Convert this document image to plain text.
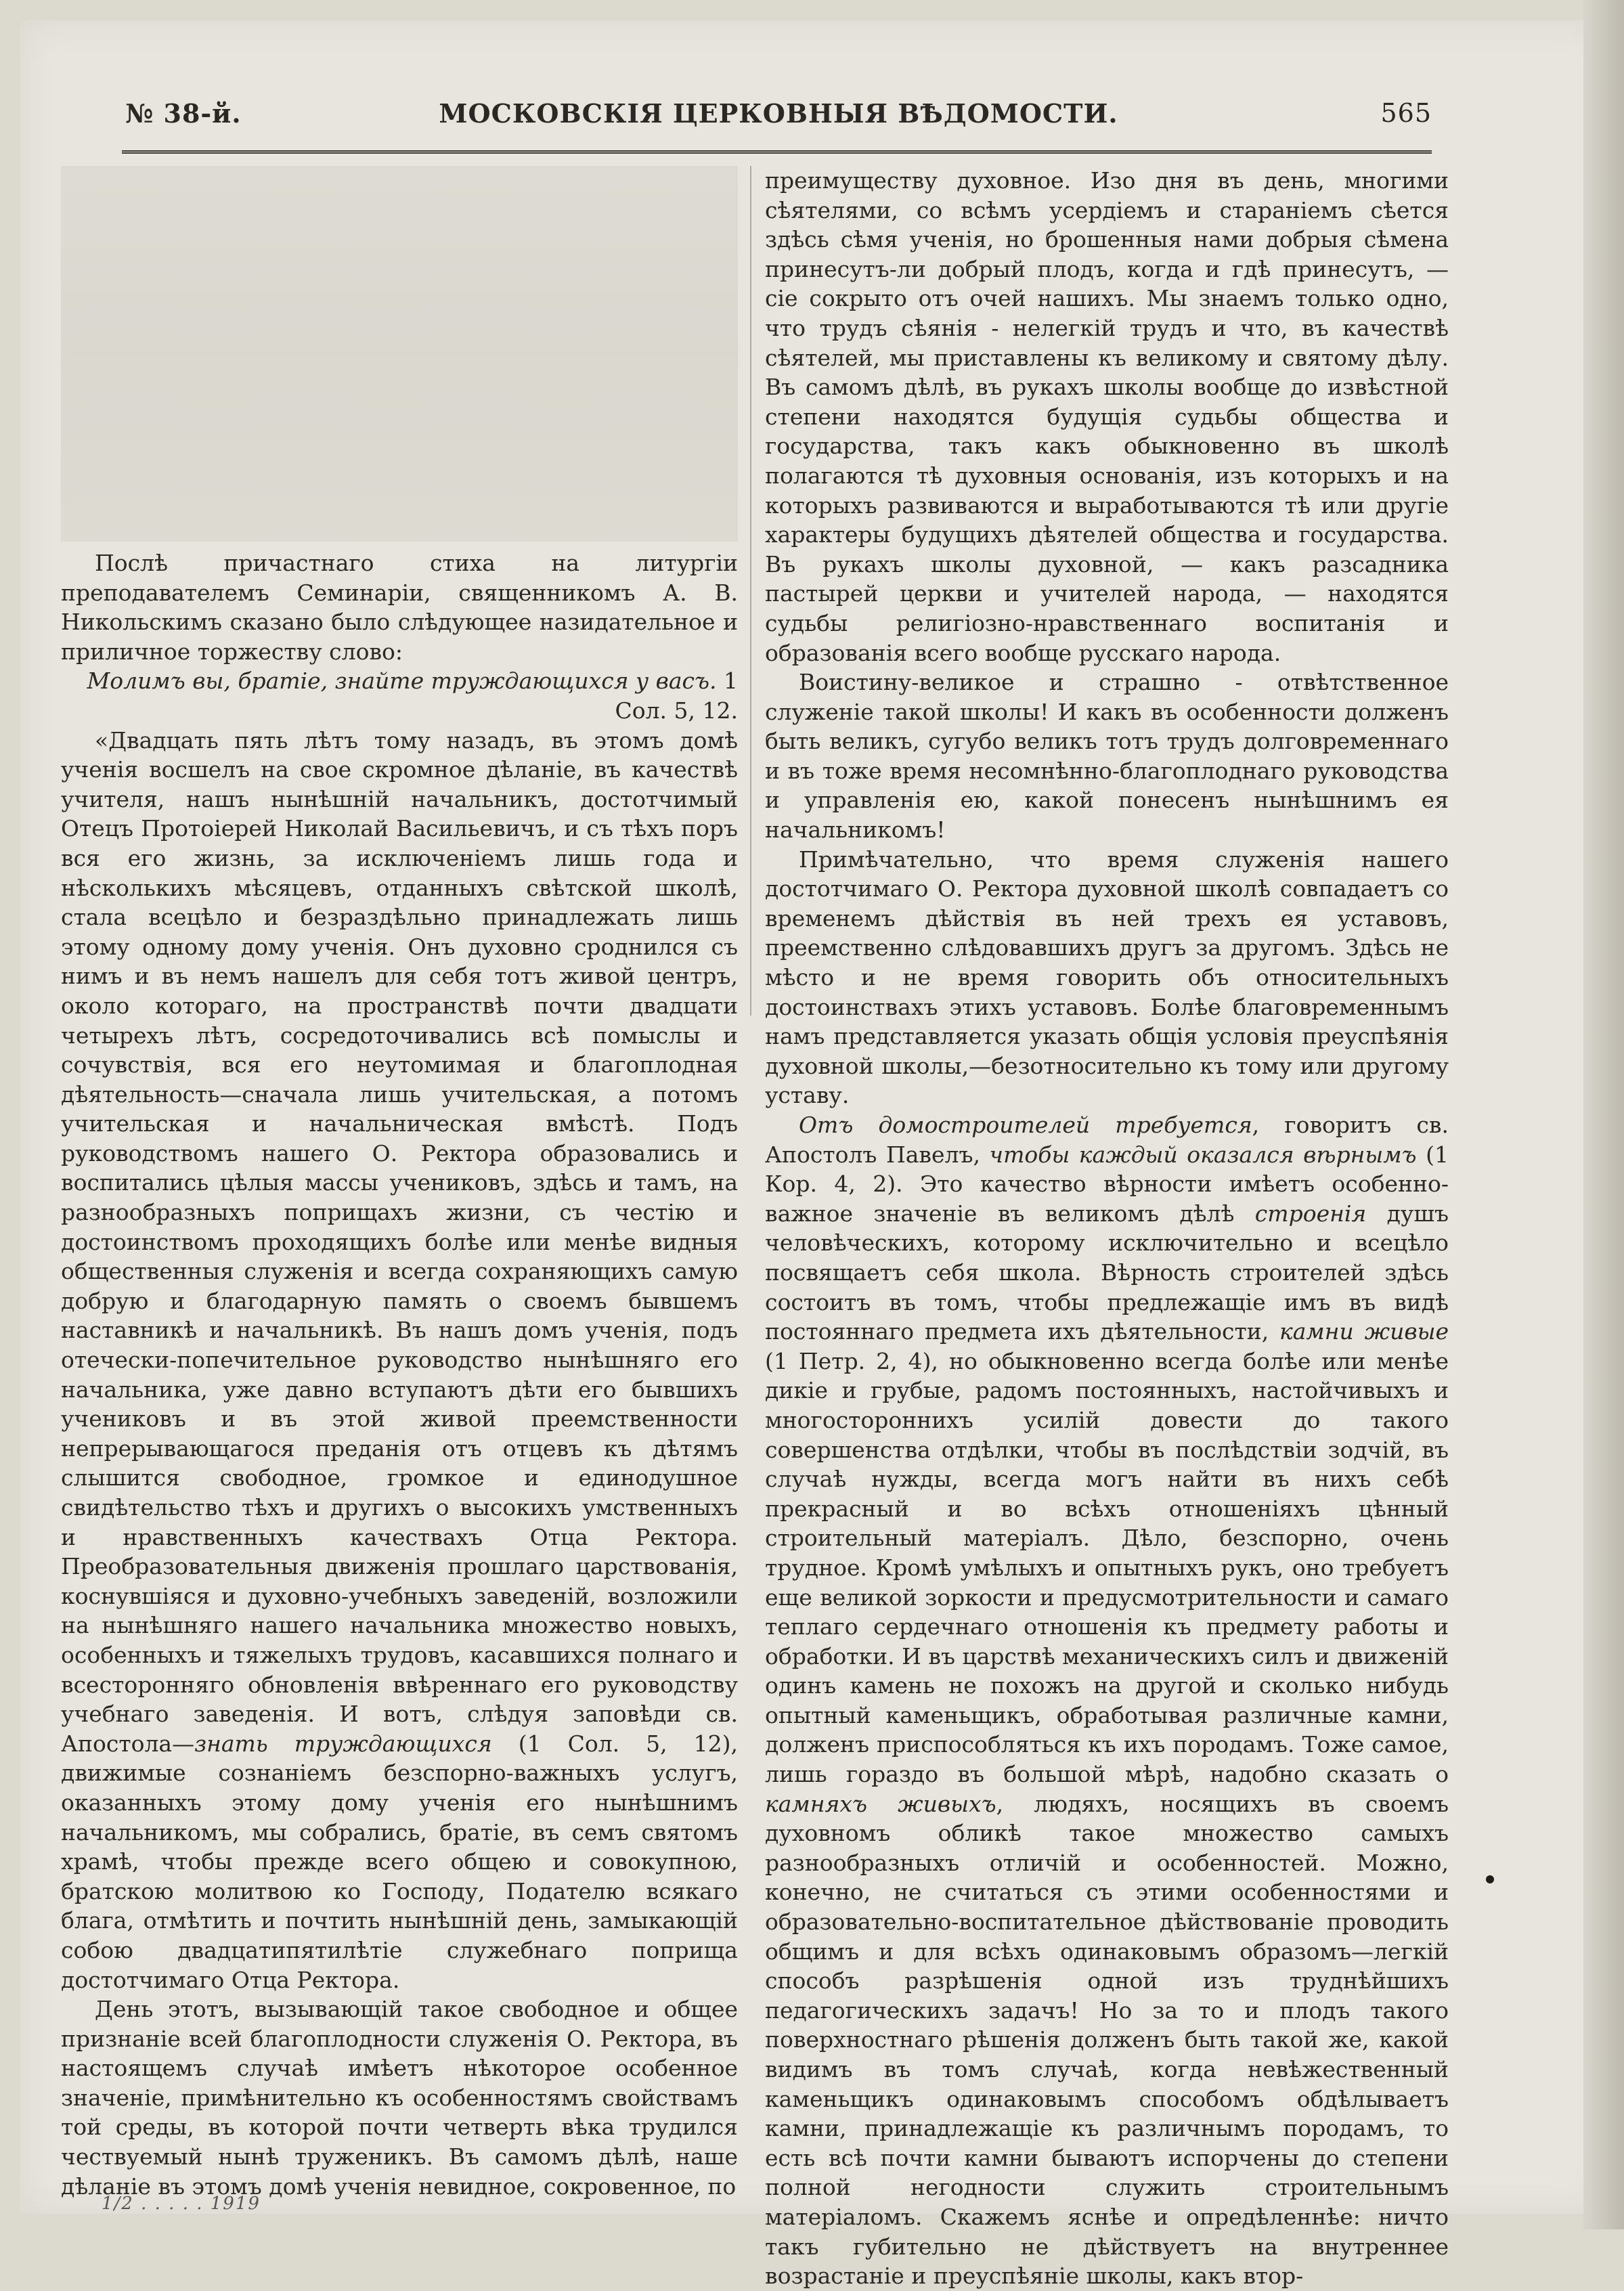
№ 38-й.	МОСКОВСКІЯ ЦЕРКОВНЫЯ ВѢДОМОСТИ.	565

Послѣ причастнаго стиха на литургіи преподавателемъ Семинаріи, священникомъ А. В. Никольскимъ сказано было слѣдующее назидательное и приличное торжеству слово:

Молимъ вы, братіе, знайте труждающихся у васъ. 1 Сол. 5, 12.

«Двадцать пять лѣтъ тому назадъ, въ этомъ домѣ ученія воcшелъ на свое скромное дѣланіе, въ качествѣ учителя, нашъ нынѣшній начальникъ, достотчимый Отецъ Протоіерей Николай Васильевичъ, и съ тѣхъ поръ вся его жизнь, за исключеніемъ лишь года и нѣсколькихъ мѣсяцевъ, отданныхъ свѣтской школѣ, стала всецѣло и безраздѣльно принадлежать лишь этому одному дому ученія. Онъ духовно сроднился съ нимъ и въ немъ нашелъ для себя тотъ живой центръ, около котораго, на пространствѣ почти двадцати четырехъ лѣтъ, сосредоточивались всѣ помыслы и сочувствія, вся его неутомимая и благоплодная дѣятельность—сначала лишь учительская, а потомъ учительская и начальническая вмѣстѣ. Подъ руководствомъ нашего О. Ректора образовались и воспитались цѣлыя массы учениковъ, здѣсь и тамъ, на разнообразныхъ поприщахъ жизни, съ честію и достоинствомъ проходящихъ болѣе или менѣе видныя общественныя служенія и всегда сохраняющихъ самую добрую и благодарную память о своемъ бывшемъ наставникѣ и начальникѣ. Въ нашъ домъ ученія, подъ отечески-попечительное руководство нынѣшняго его начальника, уже давно вступаютъ дѣти его бывшихъ учениковъ и въ этой живой преемственности непрерывающагося преданія отъ отцевъ къ дѣтямъ слышится свободное, громкое и единодушное свидѣтельство тѣхъ и другихъ о высокихъ умственныхъ и нравственныхъ качествахъ Отца Ректора. Преобразовательныя движенія прошлаго царствованія, коснувшіяся и духовно-учебныхъ заведеній, возложили на нынѣшняго нашего начальника множество новыхъ, особенныхъ и тяжелыхъ трудовъ, касавшихся полнаго и всесторонняго обновленія ввѣреннаго его руководству учебнаго заведенія. И вотъ, слѣдуя заповѣди св. Апостола—знать труждающихся (1 Сол. 5, 12), движимые сознаніемъ безспорно-важныхъ услугъ, оказанныхъ этому дому ученія его нынѣшнимъ начальникомъ, мы собрались, братіе, въ семъ святомъ храмѣ, чтобы прежде всего общею и совокупною, братскою молитвою ко Господу, Подателю всякаго блага, отмѣтить и почтить нынѣшній день, замыкающій собою двадцатипятилѣтіе служебнаго поприща достотчимаго Отца Ректора.

День этотъ, вызывающій такое свободное и общее признаніе всей благоплодности служенія О. Ректора, въ настоящемъ случаѣ имѣетъ нѣкоторое особенное значеніе, примѣнительно къ особенностямъ свойствамъ той среды, въ которой почти четверть вѣка трудился чествуемый нынѣ труженикъ. Въ самомъ дѣлѣ, наше дѣланіе въ этомъ домѣ ученія невидное, сокровенное, по

преимуществу духовное. Изо дня въ день, многими сѣятелями, со всѣмъ усердіемъ и стараніемъ сѣется здѣсь сѣмя ученія, но брошенныя нами добрыя сѣмена принесутъ-ли добрый плодъ, когда и гдѣ принесутъ, — сіе сокрыто отъ очей нашихъ. Мы знаемъ только одно, что трудъ сѣянія - нелегкій трудъ и что, въ качествѣ сѣятелей, мы приставлены къ великому и святому дѣлу. Въ самомъ дѣлѣ, въ рукахъ школы вообще до извѣстной степени находятся будущія судьбы общества и государства, такъ какъ обыкновенно въ школѣ полагаются тѣ духовныя основанія, изъ которыхъ и на которыхъ развиваются и выработываются тѣ или другіе характеры будущихъ дѣятелей общества и государства. Въ рукахъ школы духовной, — какъ разсадника пастырей церкви и учителей народа, — находятся судьбы религіозно-нравственнаго воспитанія и образованія всего вообще русскаго народа.

Воистину-великое и страшно - отвѣтственное служеніе такой школы! И какъ въ особенности долженъ быть великъ, сугубо великъ тотъ трудъ долговременнаго и въ тоже время несомнѣнно-благоплоднаго руководства и управленія ею, какой понесенъ нынѣшнимъ ея начальникомъ!

Примѣчательно, что время служенія нашего достотчимаго О. Ректора духовной школѣ совпадаетъ со временемъ дѣйствія въ ней трехъ ея уставовъ, преемственно слѣдовавшихъ другъ за другомъ. Здѣсь не мѣсто и не время говорить объ относительныхъ достоинствахъ этихъ уставовъ. Болѣе благовременнымъ намъ представляется указать общія условія преуспѣянія духовной школы,—безотносительно къ тому или другому уставу.

Отъ домостроителей требуется, говоритъ св. Апостолъ Павелъ, чтобы каждый оказался вѣрнымъ (1 Кор. 4, 2). Это качество вѣрности имѣетъ особенно-важное значеніе въ великомъ дѣлѣ строенія душъ человѣческихъ, которому исключительно и всецѣло посвящаетъ себя школа. Вѣрность строителей здѣсь состоитъ въ томъ, чтобы предлежащіе имъ въ видѣ постояннаго предмета ихъ дѣятельности, камни живые (1 Петр. 2, 4), но обыкновенно всегда болѣе или менѣе дикіе и грубые, радомъ постоянныхъ, настойчивыхъ и многостороннихъ усилій довести до такого совершенства отдѣлки, чтобы въ послѣдствіи зодчій, въ случаѣ нужды, всегда могъ найти въ нихъ себѣ прекрасный и во всѣхъ отношеніяхъ цѣнный строительный матеріалъ. Дѣло, безспорно, очень трудное. Кромѣ умѣлыхъ и опытныхъ рукъ, оно требуетъ еще великой зоркости и предусмотрительности и самаго теплаго сердечнаго отношенія къ предмету работы и обработки. И въ царствѣ механическихъ силъ и движеній одинъ камень не похожъ на другой и сколько нибудь опытный каменьщикъ, обработывая различные камни, долженъ приспособляться къ ихъ породамъ. Тоже самое, лишь гораздо въ большой мѣрѣ, надобно сказать о камняхъ живыхъ, людяхъ, носящихъ въ своемъ духовномъ обликѣ такое множество самыхъ разнообразныхъ отличій и особенностей. Можно, конечно, не считаться съ этими особенностями и образовательно-воспитательное дѣйствованіе проводить общимъ и для всѣхъ одинаковымъ образомъ—легкій способъ разрѣшенія одной изъ труднѣйшихъ педагогическихъ задачъ! Но за то и плодъ такого поверхностнаго рѣшенія долженъ быть такой же, какой видимъ въ томъ случаѣ, когда невѣжественный каменьщикъ одинаковымъ способомъ обдѣлываетъ камни, принадлежащіе къ различнымъ породамъ, то есть всѣ почти камни бываютъ испорчены до степени полной негодности служить строительнымъ матеріаломъ. Скажемъ яснѣе и опредѣленнѣе: ничто такъ губительно не дѣйствуетъ на внутреннее возрастаніе и преуспѣяніе школы, какъ втор-

1/2 . . . . . 1919
